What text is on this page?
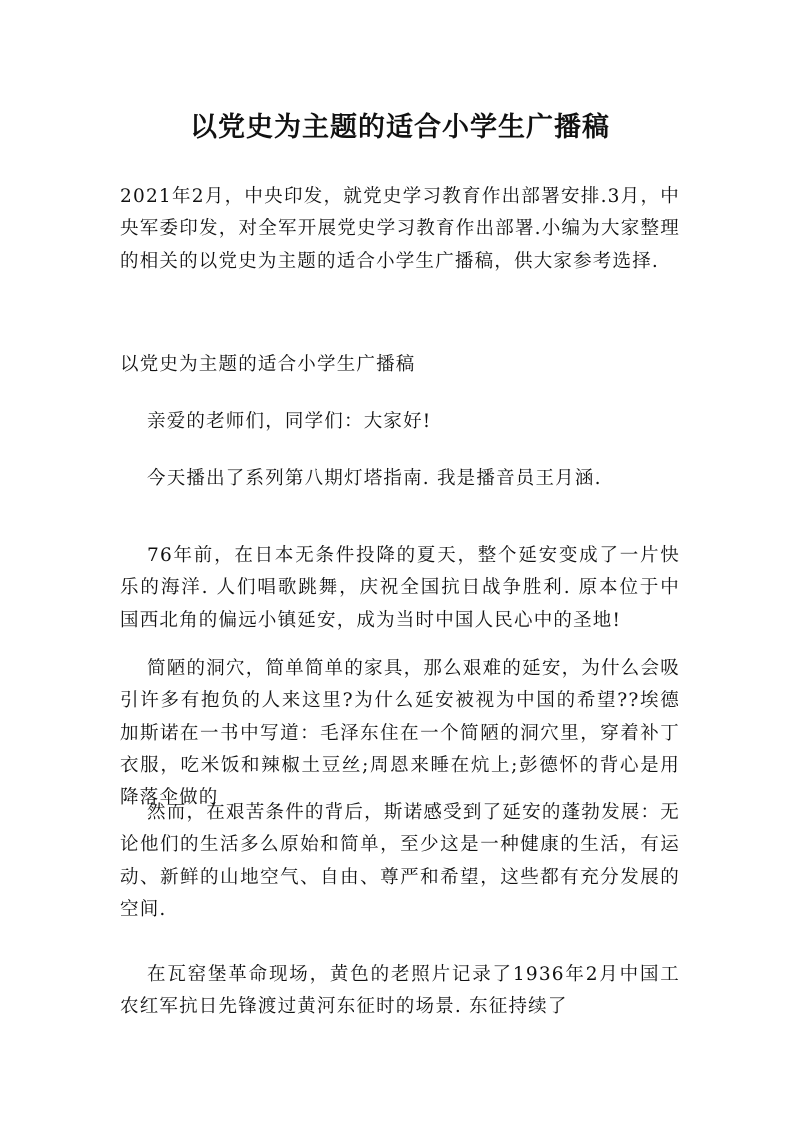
以党史为主题的适合小学生广播稿

2021年2月，中央印发，就党史学习教育作出部署安排.3月，中央军委印发，对全军开展党史学习教育作出部署.小编为大家整理的相关的以党史为主题的适合小学生广播稿，供大家参考选择.

以党史为主题的适合小学生广播稿

亲爱的老师们，同学们：大家好!

今天播出了系列第八期灯塔指南. 我是播音员王月涵.

76年前，在日本无条件投降的夏天，整个延安变成了一片快乐的海洋. 人们唱歌跳舞，庆祝全国抗日战争胜利. 原本位于中国西北角的偏远小镇延安，成为当时中国人民心中的圣地!

简陋的洞穴，简单简单的家具，那么艰难的延安，为什么会吸引许多有抱负的人来这里?为什么延安被视为中国的希望??埃德加斯诺在一书中写道：毛泽东住在一个简陋的洞穴里，穿着补丁衣服，吃米饭和辣椒土豆丝;周恩来睡在炕上;彭德怀的背心是用降落伞做的

然而，在艰苦条件的背后，斯诺感受到了延安的蓬勃发展：无论他们的生活多么原始和简单，至少这是一种健康的生活，有运动、新鲜的山地空气、自由、尊严和希望，这些都有充分发展的空间.

在瓦窑堡革命现场，黄色的老照片记录了1936年2月中国工农红军抗日先锋渡过黄河东征时的场景. 东征持续了
